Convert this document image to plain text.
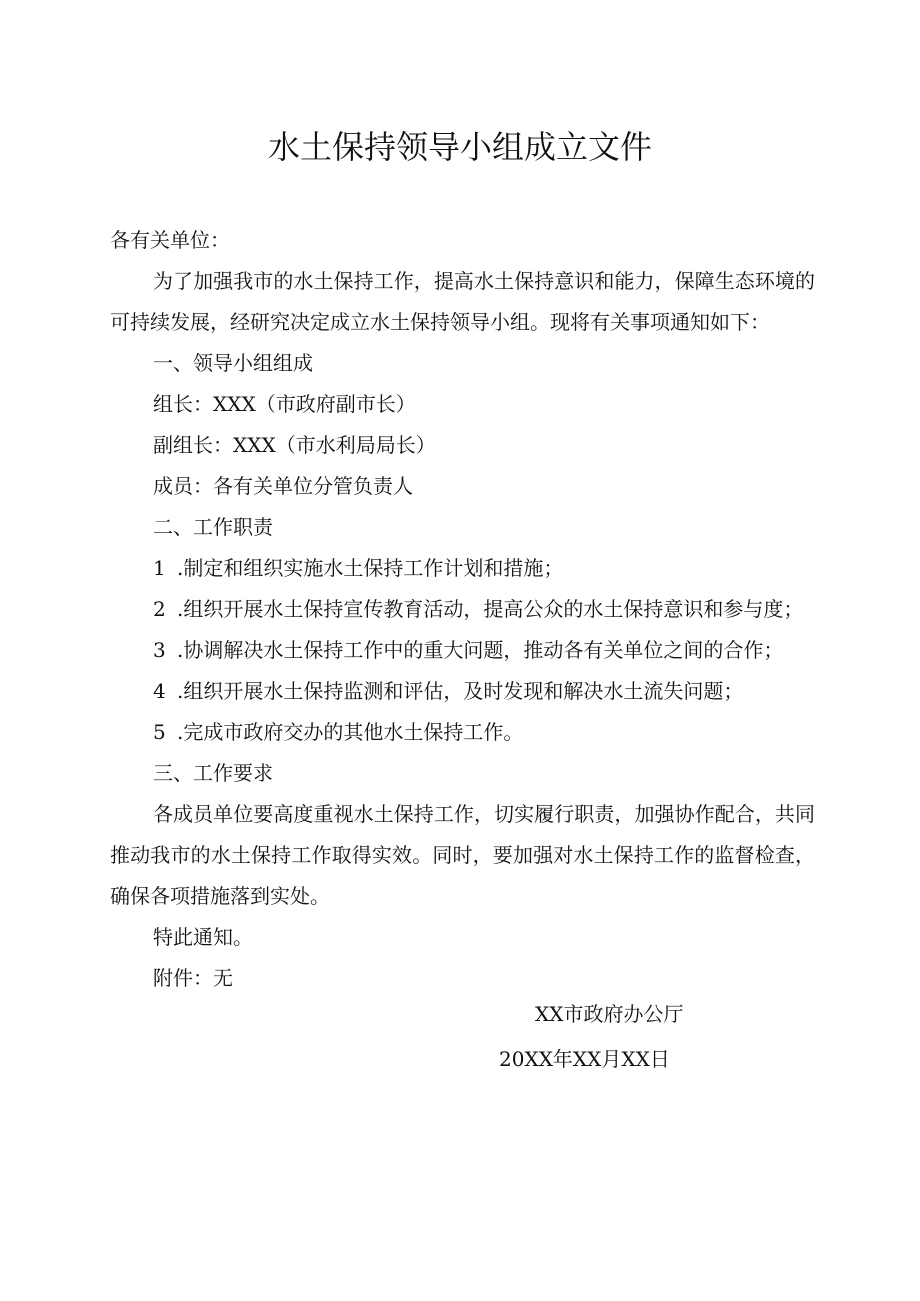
水土保持领导小组成立文件

各有关单位：

为了加强我市的水土保持工作，提高水土保持意识和能力，保障生态环境的可持续发展，经研究决定成立水土保持领导小组。现将有关事项通知如下：

一、领导小组组成

组长：XXX（市政府副市长）

副组长：XXX（市水利局局长）

成员：各有关单位分管负责人

二、工作职责

1 .制定和组织实施水土保持工作计划和措施；

2 .组织开展水土保持宣传教育活动，提高公众的水土保持意识和参与度；

3 .协调解决水土保持工作中的重大问题，推动各有关单位之间的合作；

4 .组织开展水土保持监测和评估，及时发现和解决水土流失问题；

5 .完成市政府交办的其他水土保持工作。

三、工作要求

各成员单位要高度重视水土保持工作，切实履行职责，加强协作配合，共同推动我市的水土保持工作取得实效。同时，要加强对水土保持工作的监督检查，确保各项措施落到实处。

特此通知。

附件：无

XX市政府办公厅
20XX年XX月XX日
